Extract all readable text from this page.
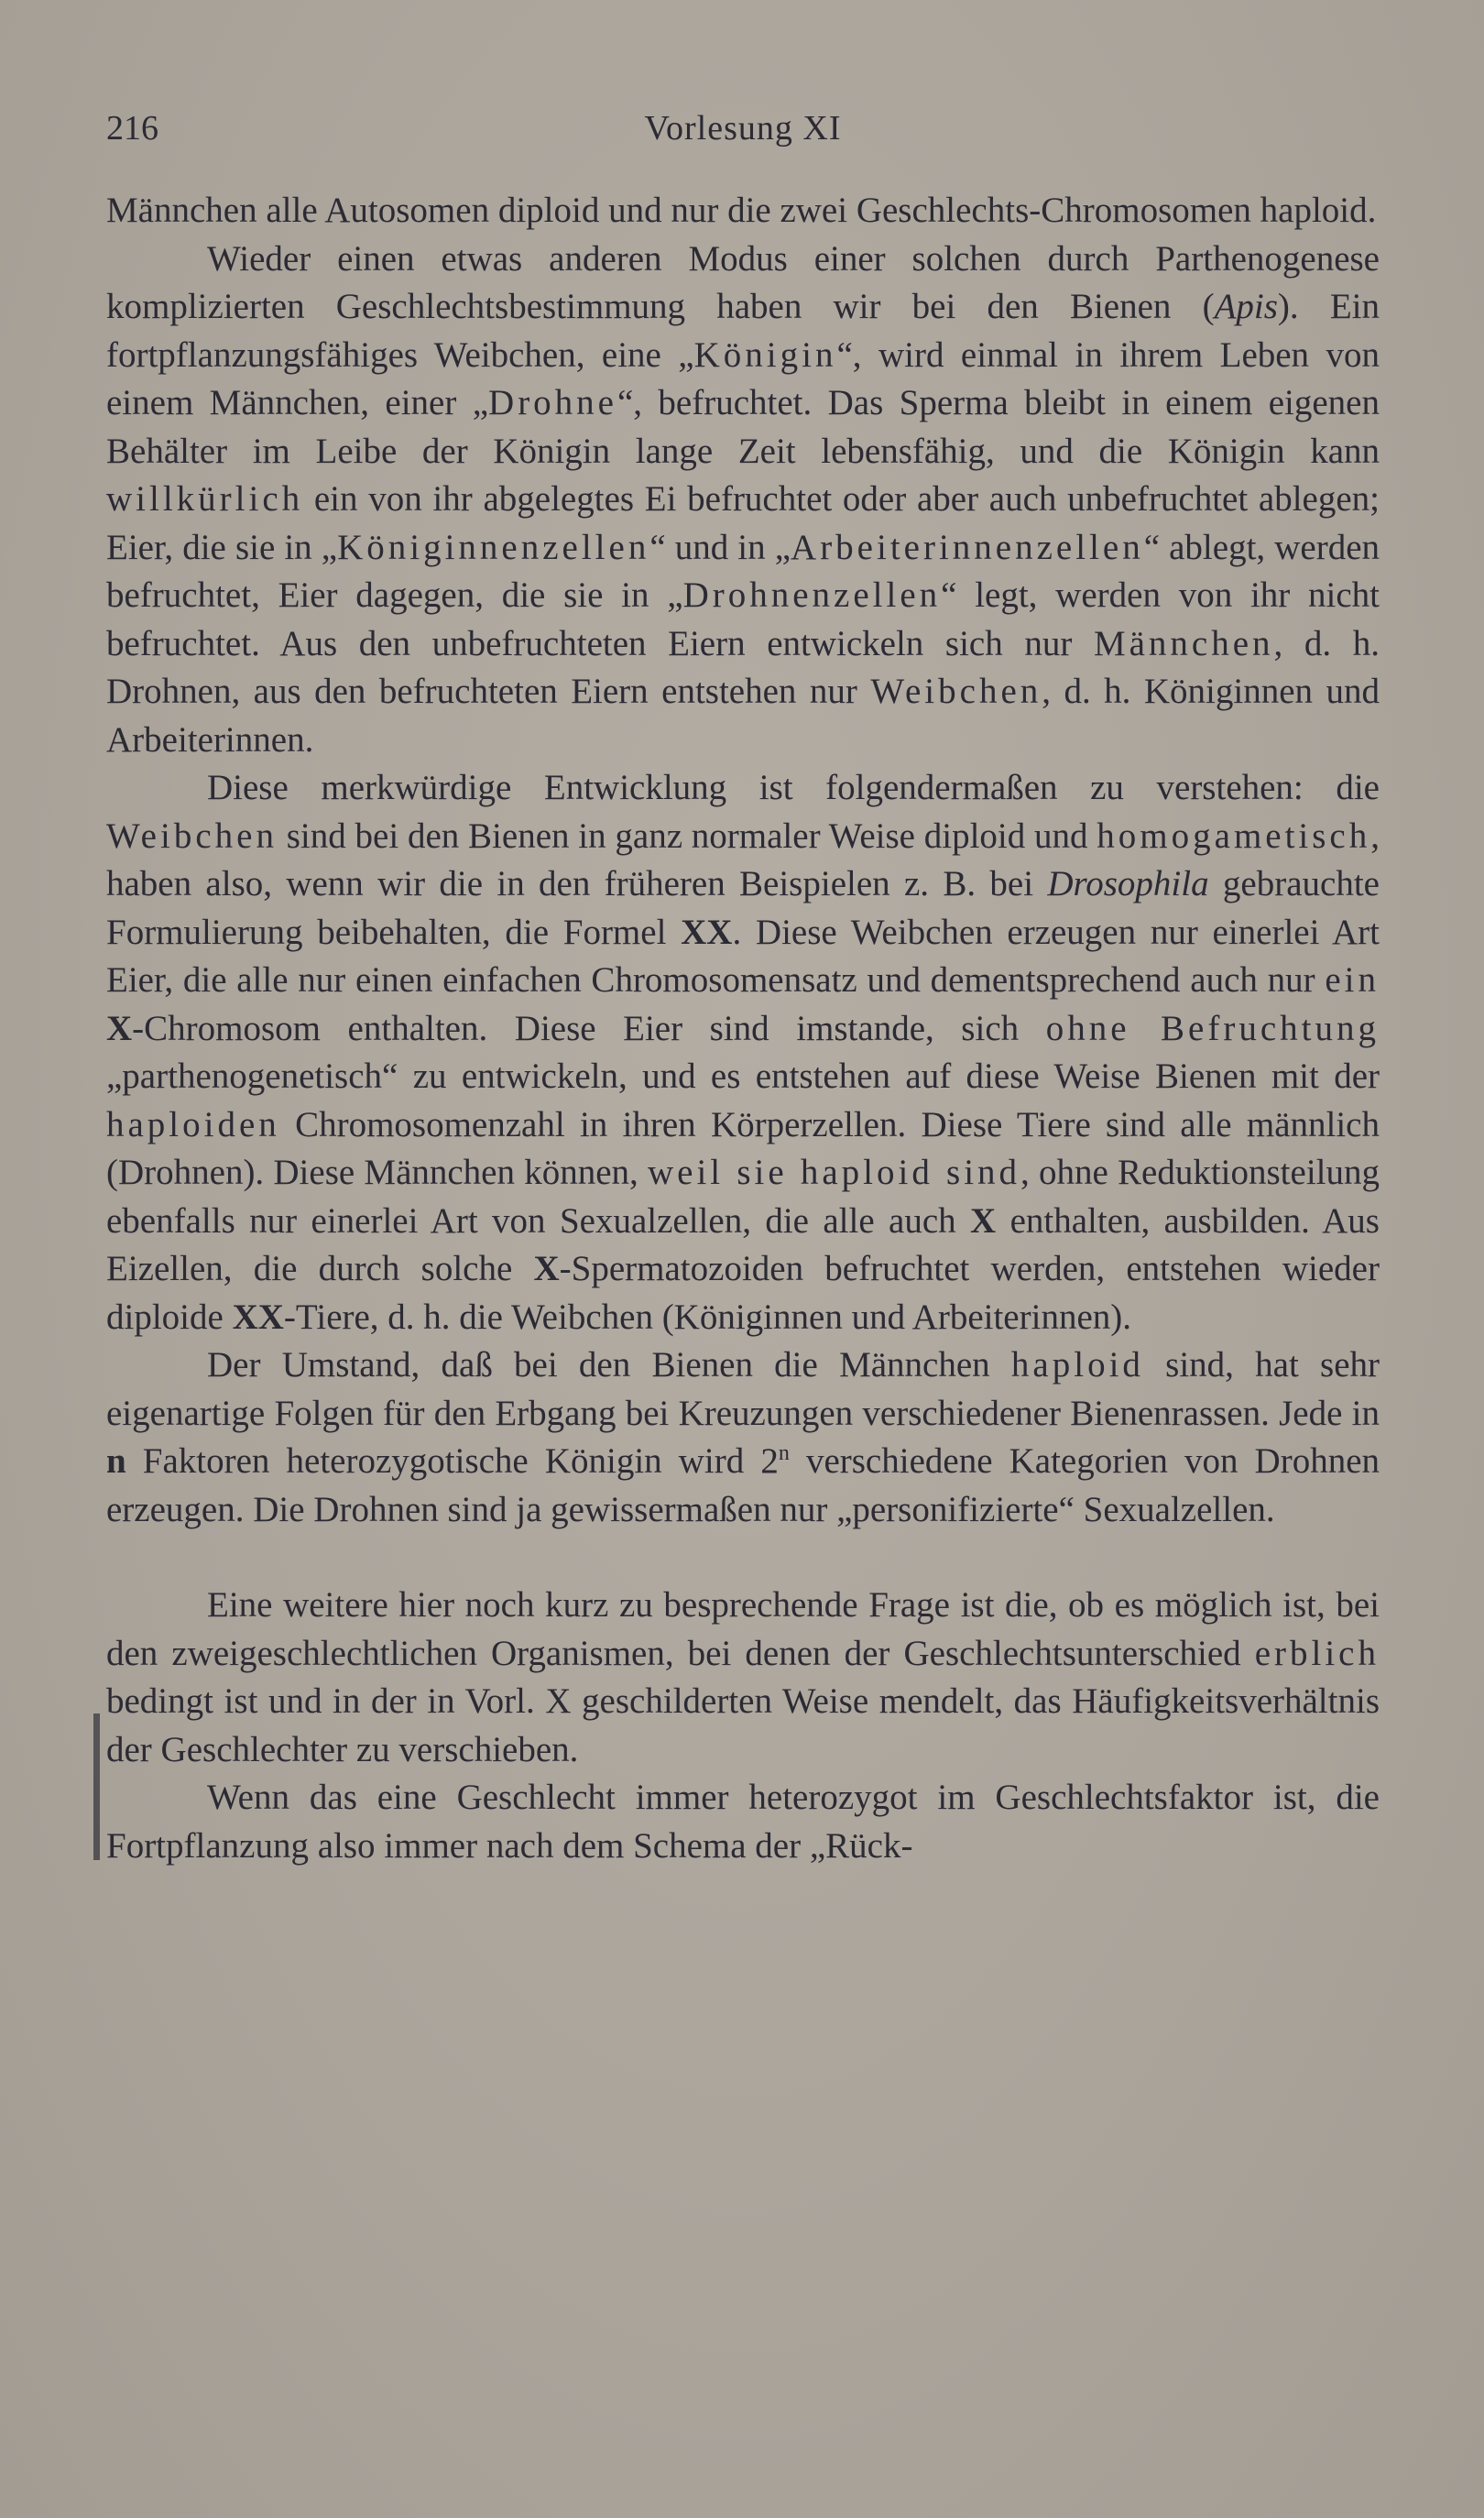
216	Vorlesung XI

Männchen alle Autosomen diploid und nur die zwei Geschlechts-Chromosomen haploid.

Wieder einen etwas anderen Modus einer solchen durch Parthenogenese komplizierten Geschlechtsbestimmung haben wir bei den Bienen (Apis). Ein fortpflanzungsfähiges Weibchen, eine „Königin“, wird einmal in ihrem Leben von einem Männchen, einer „Drohne“, befruchtet. Das Sperma bleibt in einem eigenen Behälter im Leibe der Königin lange Zeit lebensfähig, und die Königin kann willkürlich ein von ihr abgelegtes Ei befruchtet oder aber auch unbefruchtet ablegen; Eier, die sie in „Königinnenzellen“ und in „Arbeiterinnenzellen“ ablegt, werden befruchtet, Eier dagegen, die sie in „Drohnenzellen“ legt, werden von ihr nicht befruchtet. Aus den unbefruchteten Eiern entwickeln sich nur Männchen, d. h. Drohnen, aus den befruchteten Eiern entstehen nur Weibchen, d. h. Königinnen und Arbeiterinnen.

Diese merkwürdige Entwicklung ist folgendermaßen zu verstehen: die Weibchen sind bei den Bienen in ganz normaler Weise diploid und homogametisch, haben also, wenn wir die in den früheren Beispielen z. B. bei Drosophila gebrauchte Formulierung beibehalten, die Formel XX. Diese Weibchen erzeugen nur einerlei Art Eier, die alle nur einen einfachen Chromosomensatz und dementsprechend auch nur ein X-Chromosom enthalten. Diese Eier sind imstande, sich ohne Befruchtung „parthenogenetisch“ zu entwickeln, und es entstehen auf diese Weise Bienen mit der haploiden Chromosomenzahl in ihren Körperzellen. Diese Tiere sind alle männlich (Drohnen). Diese Männchen können, weil sie haploid sind, ohne Reduktionsteilung ebenfalls nur einerlei Art von Sexualzellen, die alle auch X enthalten, ausbilden. Aus Eizellen, die durch solche X-Spermatozoiden befruchtet werden, entstehen wieder diploide XX-Tiere, d. h. die Weibchen (Königinnen und Arbeiterinnen).

Der Umstand, daß bei den Bienen die Männchen haploid sind, hat sehr eigenartige Folgen für den Erbgang bei Kreuzungen verschiedener Bienenrassen. Jede in n Faktoren heterozygotische Königin wird 2$^n$ verschiedene Kategorien von Drohnen erzeugen. Die Drohnen sind ja gewissermaßen nur „personifizierte“ Sexualzellen.

Eine weitere hier noch kurz zu besprechende Frage ist die, ob es möglich ist, bei den zweigeschlechtlichen Organismen, bei denen der Geschlechtsunterschied erblich bedingt ist und in der in Vorl. X geschilderten Weise mendelt, das Häufigkeitsverhältnis der Geschlechter zu verschieben.

Wenn das eine Geschlecht immer heterozygot im Geschlechtsfaktor ist, die Fortpflanzung also immer nach dem Schema der „Rück-
